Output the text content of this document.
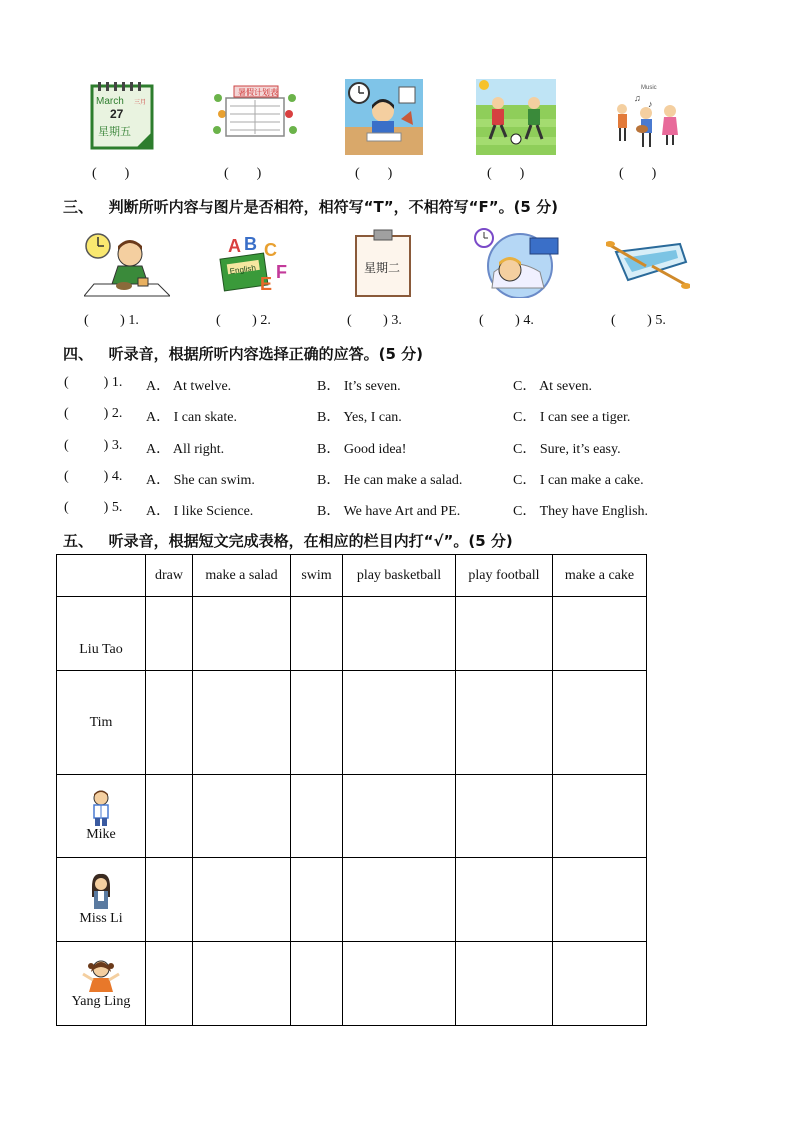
March 三月
27
星期五
暑假计划表	Music
♪
♫
(        )	(        )	(        )	(        )	(        )
三、   判断所听内容与图片是否相符，相符写“T”，不相符写“F”。(5 分)
A B C
English
E
F	星期二
(         ) 1.	(         ) 2.	(         ) 3.	(         ) 4.	(         ) 5.
四、   听录音，根据所听内容选择正确的应答。(5 分)
(          ) 1. A． At twelve.	B． It’s seven.	C． At seven.
(          ) 2. A． I can skate.	B． Yes, I can.	C． I can see a tiger.
(          ) 3. A． All right.	B． Good idea!	C． Sure, it’s easy.
(          ) 4. A． She can swim.	B． He can make a salad.	C． I can make a cake.
(          ) 5. A． I like Science.	B． We have Art and PE.	C． They have English.
五、   听录音，根据短文完成表格，在相应的栏目内打“√”。(5 分)
	draw	make a salad	swim	play basketball	play football	make a cake

Liu Tao						

Tim						

Mike						

Miss Li						

Yang Ling						
